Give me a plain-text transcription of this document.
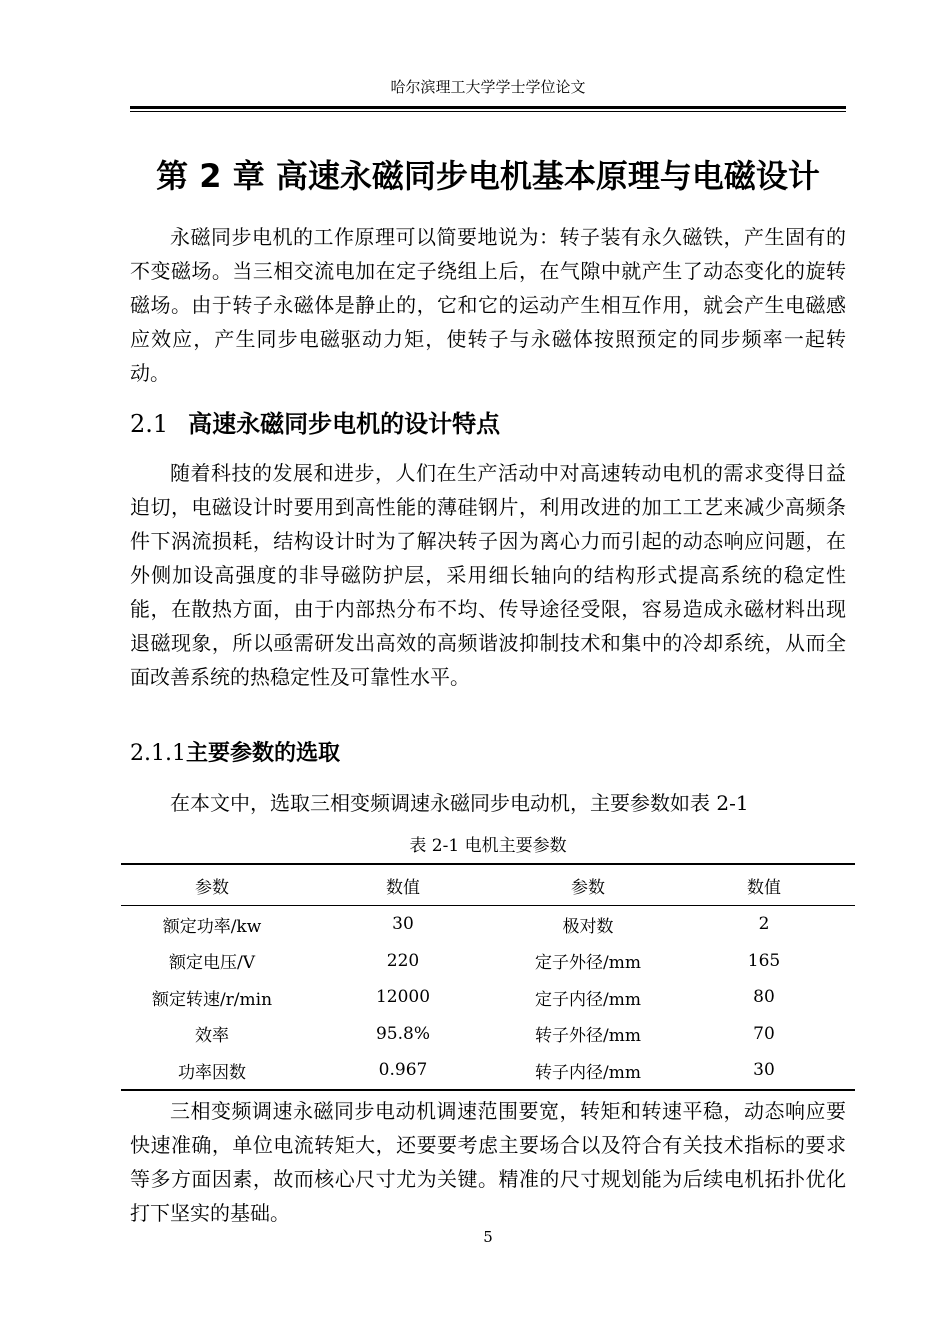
哈尔滨理工大学学士学位论文
第 2 章 高速永磁同步电机基本原理与电磁设计

永磁同步电机的工作原理可以简要地说为：转子装有永久磁铁，产生固有的不变磁场。当三相交流电加在定子绕组上后，在气隙中就产生了动态变化的旋转磁场。由于转子永磁体是静止的，它和它的运动产生相互作用，就会产生电磁感应效应，产生同步电磁驱动力矩，使转子与永磁体按照预定的同步频率一起转动。

2.1 高速永磁同步电机的设计特点

随着科技的发展和进步，人们在生产活动中对高速转动电机的需求变得日益迫切，电磁设计时要用到高性能的薄硅钢片，利用改进的加工工艺来减少高频条件下涡流损耗，结构设计时为了解决转子因为离心力而引起的动态响应问题，在外侧加设高强度的非导磁防护层，采用细长轴向的结构形式提高系统的稳定性能，在散热方面，由于内部热分布不均、传导途径受限，容易造成永磁材料出现退磁现象，所以亟需研发出高效的高频谐波抑制技术和集中的冷却系统，从而全面改善系统的热稳定性及可靠性水平。

2.1.1主要参数的选取

在本文中，选取三相变频调速永磁同步电动机，主要参数如表 2-1

表 2-1 电机主要参数
参数	数值	参数	数值
额定功率/kw	30	极对数	2
额定电压/V	220	定子外径/mm	165
额定转速/r/min	12000	定子内径/mm	80
效率	95.8%	转子外径/mm	70
功率因数	0.967	转子内径/mm	30

三相变频调速永磁同步电动机调速范围要宽，转矩和转速平稳，动态响应要快速准确，单位电流转矩大，还要要考虑主要场合以及符合有关技术指标的要求等多方面因素，故而核心尺寸尤为关键。精准的尺寸规划能为后续电机拓扑优化打下坚实的基础。

5
